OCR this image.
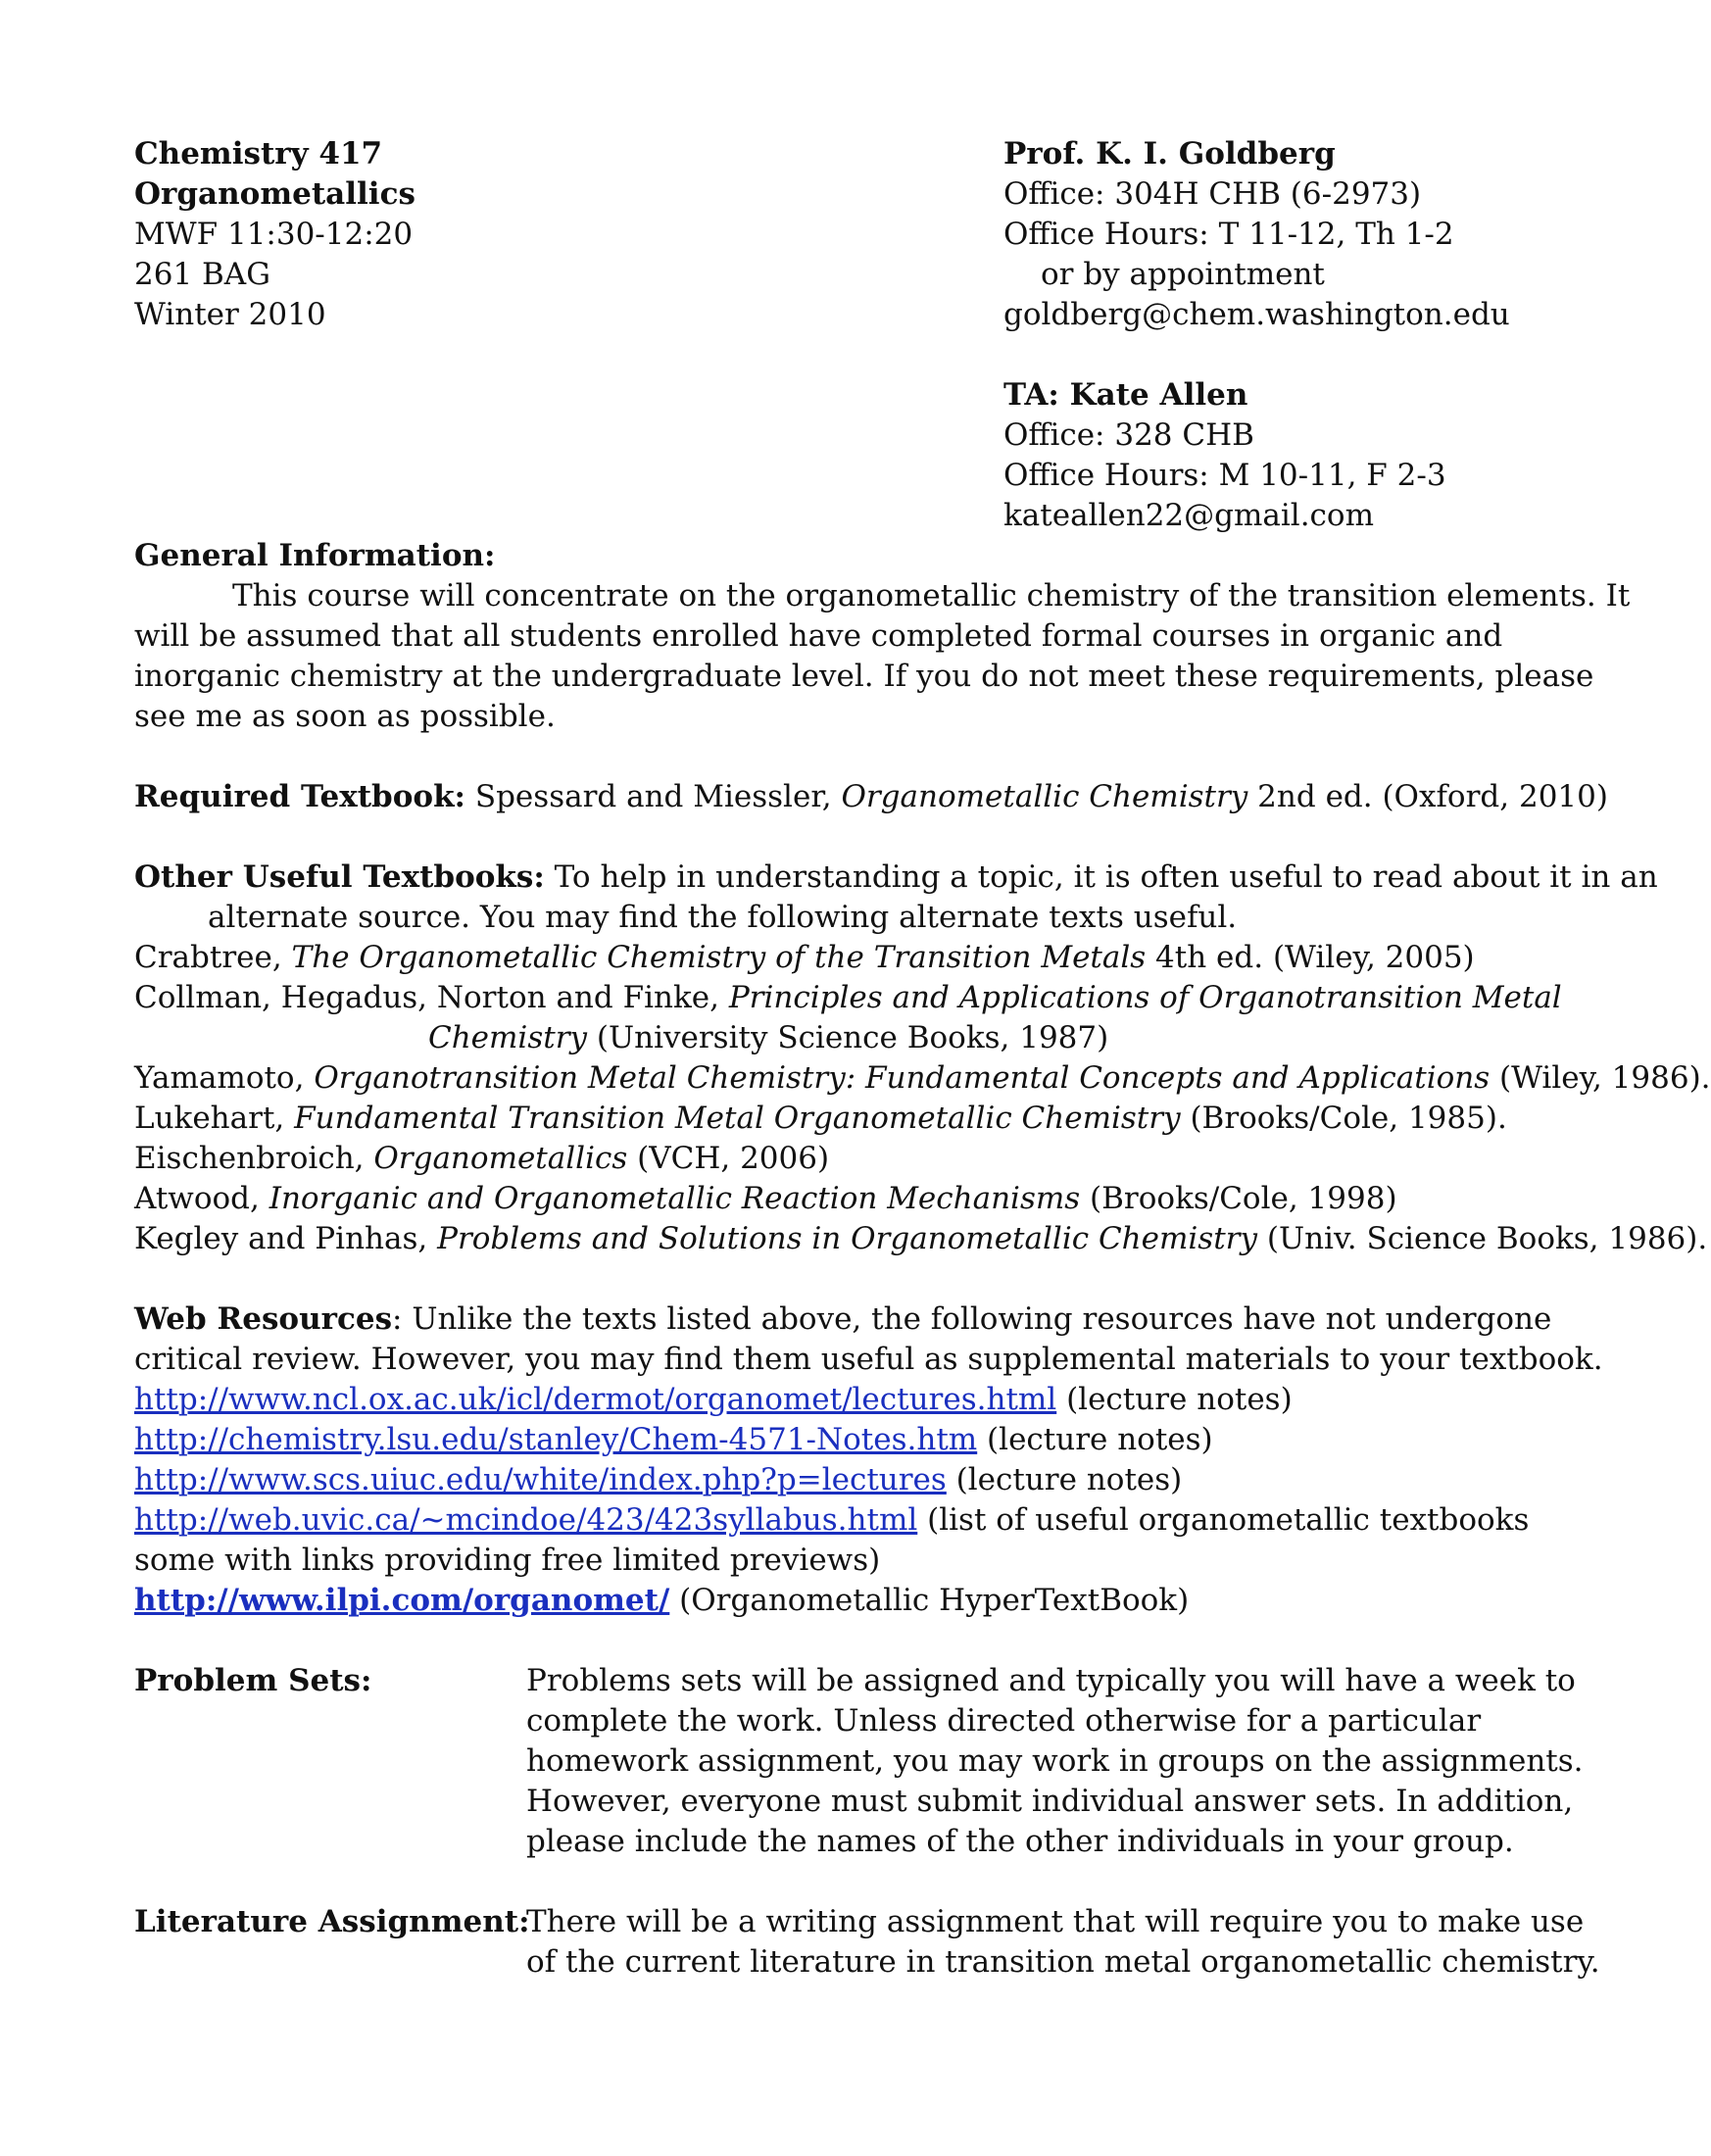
Chemistry 417
Organometallics
MWF 11:30-12:20
261 BAG
Winter 2010
Prof. K. I. Goldberg
Office: 304H CHB (6-2973)
Office Hours: T 11-12, Th 1-2
or by appointment
goldberg@chem.washington.edu
TA: Kate Allen
Office: 328 CHB
Office Hours: M 10-11, F 2-3
kateallen22@gmail.com
General Information:
This course will concentrate on the organometallic chemistry of the transition elements. It
will be assumed that all students enrolled have completed formal courses in organic and
inorganic chemistry at the undergraduate level. If you do not meet these requirements, please
see me as soon as possible.
Required Textbook: Spessard and Miessler, Organometallic Chemistry 2nd ed. (Oxford, 2010)
Other Useful Textbooks: To help in understanding a topic, it is often useful to read about it in an
alternate source. You may find the following alternate texts useful.
Crabtree, The Organometallic Chemistry of the Transition Metals 4th ed. (Wiley, 2005)
Collman, Hegadus, Norton and Finke, Principles and Applications of Organotransition Metal
Chemistry (University Science Books, 1987)
Yamamoto, Organotransition Metal Chemistry: Fundamental Concepts and Applications (Wiley, 1986).
Lukehart, Fundamental Transition Metal Organometallic Chemistry (Brooks/Cole, 1985).
Eischenbroich, Organometallics (VCH, 2006)
Atwood, Inorganic and Organometallic Reaction Mechanisms (Brooks/Cole, 1998)
Kegley and Pinhas, Problems and Solutions in Organometallic Chemistry (Univ. Science Books, 1986).
Web Resources: Unlike the texts listed above, the following resources have not undergone
critical review. However, you may find them useful as supplemental materials to your textbook.
http://www.ncl.ox.ac.uk/icl/dermot/organomet/lectures.html (lecture notes)
http://chemistry.lsu.edu/stanley/Chem-4571-Notes.htm (lecture notes)
http://www.scs.uiuc.edu/white/index.php?p=lectures (lecture notes)
http://web.uvic.ca/~mcindoe/423/423syllabus.html (list of useful organometallic textbooks
some with links providing free limited previews)
http://www.ilpi.com/organomet/ (Organometallic HyperTextBook)
Problem Sets:	Problems sets will be assigned and typically you will have a week to
complete the work. Unless directed otherwise for a particular
homework assignment, you may work in groups on the assignments.
However, everyone must submit individual answer sets. In addition,
please include the names of the other individuals in your group.
Literature Assignment:
There will be a writing assignment that will require you to make use
of the current literature in transition metal organometallic chemistry.
